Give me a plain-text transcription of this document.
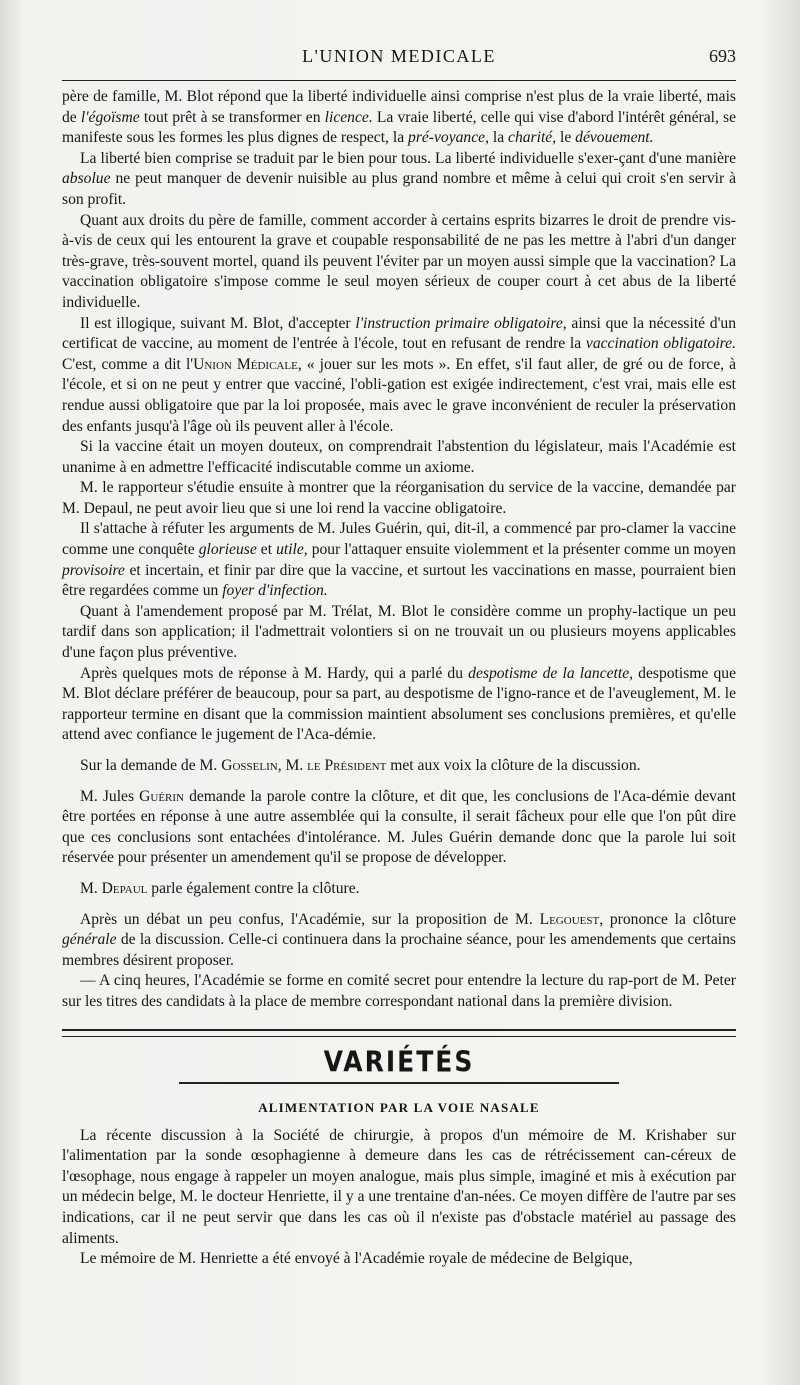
L'UNION MEDICALE	693

père de famille, M. Blot répond que la liberté individuelle ainsi comprise n'est plus de la vraie liberté, mais de l'égoïsme tout prêt à se transformer en licence. La vraie liberté, celle qui vise d'abord l'intérêt général, se manifeste sous les formes les plus dignes de respect, la pré-voyance, la charité, le dévouement.

La liberté bien comprise se traduit par le bien pour tous. La liberté individuelle s'exer-çant d'une manière absolue ne peut manquer de devenir nuisible au plus grand nombre et même à celui qui croit s'en servir à son profit.

Quant aux droits du père de famille, comment accorder à certains esprits bizarres le droit de prendre vis-à-vis de ceux qui les entourent la grave et coupable responsabilité de ne pas les mettre à l'abri d'un danger très-grave, très-souvent mortel, quand ils peuvent l'éviter par un moyen aussi simple que la vaccination? La vaccination obligatoire s'impose comme le seul moyen sérieux de couper court à cet abus de la liberté individuelle.

Il est illogique, suivant M. Blot, d'accepter l'instruction primaire obligatoire, ainsi que la nécessité d'un certificat de vaccine, au moment de l'entrée à l'école, tout en refusant de rendre la vaccination obligatoire. C'est, comme a dit l'Union Médicale, « jouer sur les mots ». En effet, s'il faut aller, de gré ou de force, à l'école, et si on ne peut y entrer que vacciné, l'obli-gation est exigée indirectement, c'est vrai, mais elle est rendue aussi obligatoire que par la loi proposée, mais avec le grave inconvénient de reculer la préservation des enfants jusqu'à l'âge où ils peuvent aller à l'école.

Si la vaccine était un moyen douteux, on comprendrait l'abstention du législateur, mais l'Académie est unanime à en admettre l'efficacité indiscutable comme un axiome.

M. le rapporteur s'étudie ensuite à montrer que la réorganisation du service de la vaccine, demandée par M. Depaul, ne peut avoir lieu que si une loi rend la vaccine obligatoire.

Il s'attache à réfuter les arguments de M. Jules Guérin, qui, dit-il, a commencé par pro-clamer la vaccine comme une conquête glorieuse et utile, pour l'attaquer ensuite violemment et la présenter comme un moyen provisoire et incertain, et finir par dire que la vaccine, et surtout les vaccinations en masse, pourraient bien être regardées comme un foyer d'infection.

Quant à l'amendement proposé par M. Trélat, M. Blot le considère comme un prophy-lactique un peu tardif dans son application; il l'admettrait volontiers si on ne trouvait un ou plusieurs moyens applicables d'une façon plus préventive.

Après quelques mots de réponse à M. Hardy, qui a parlé du despotisme de la lancette, despotisme que M. Blot déclare préférer de beaucoup, pour sa part, au despotisme de l'igno-rance et de l'aveuglement, M. le rapporteur termine en disant que la commission maintient absolument ses conclusions premières, et qu'elle attend avec confiance le jugement de l'Aca-démie.

Sur la demande de M. Gosselin, M. le Président met aux voix la clôture de la discussion.

M. Jules Guérin demande la parole contre la clôture, et dit que, les conclusions de l'Aca-démie devant être portées en réponse à une autre assemblée qui la consulte, il serait fâcheux pour elle que l'on pût dire que ces conclusions sont entachées d'intolérance. M. Jules Guérin demande donc que la parole lui soit réservée pour présenter un amendement qu'il se propose de développer.

M. Depaul parle également contre la clôture.

Après un débat un peu confus, l'Académie, sur la proposition de M. Legouest, prononce la clôture générale de la discussion. Celle-ci continuera dans la prochaine séance, pour les amendements que certains membres désirent proposer.

— A cinq heures, l'Académie se forme en comité secret pour entendre la lecture du rap-port de M. Peter sur les titres des candidats à la place de membre correspondant national dans la première division.

VARIÉTÉS
ALIMENTATION PAR LA VOIE NASALE

La récente discussion à la Société de chirurgie, à propos d'un mémoire de M. Krishaber sur l'alimentation par la sonde œsophagienne à demeure dans les cas de rétrécissement can-céreux de l'œsophage, nous engage à rappeler un moyen analogue, mais plus simple, imaginé et mis à exécution par un médecin belge, M. le docteur Henriette, il y a une trentaine d'an-nées. Ce moyen diffère de l'autre par ses indications, car il ne peut servir que dans les cas où il n'existe pas d'obstacle matériel au passage des aliments.

Le mémoire de M. Henriette a été envoyé à l'Académie royale de médecine de Belgique,
